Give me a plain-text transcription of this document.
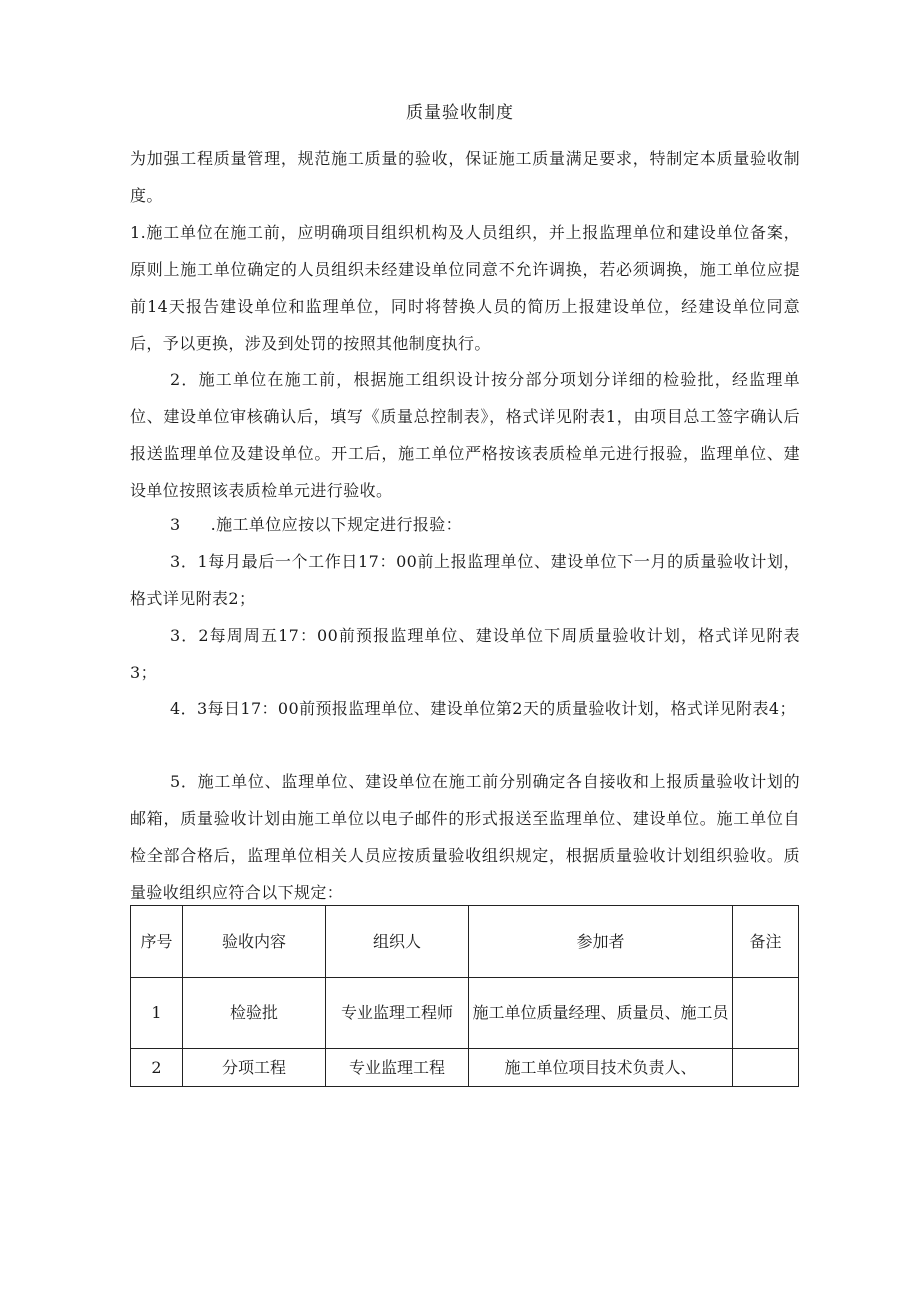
质量验收制度
为加强工程质量管理，规范施工质量的验收，保证施工质量满足要求，特制定本质量验收制度。
1.施工单位在施工前，应明确项目组织机构及人员组织，并上报监理单位和建设单位备案，原则上施工单位确定的人员组织未经建设单位同意不允许调换，若必须调换，施工单位应提前14天报告建设单位和监理单位，同时将替换人员的简历上报建设单位，经建设单位同意后，予以更换，涉及到处罚的按照其他制度执行。
2．施工单位在施工前，根据施工组织设计按分部分项划分详细的检验批，经监理单位、建设单位审核确认后，填写《质量总控制表》，格式详见附表1，由项目总工签字确认后报送监理单位及建设单位。开工后，施工单位严格按该表质检单元进行报验，监理单位、建设单位按照该表质检单元进行验收。
3 .施工单位应按以下规定进行报验：
3．1每月最后一个工作日17：00前上报监理单位、建设单位下一月的质量验收计划，格式详见附表2；
3．2每周周五17：00前预报监理单位、建设单位下周质量验收计划，格式详见附表3；
4．3每日17：00前预报监理单位、建设单位第2天的质量验收计划，格式详见附表4；
5．施工单位、监理单位、建设单位在施工前分别确定各自接收和上报质量验收计划的邮箱，质量验收计划由施工单位以电子邮件的形式报送至监理单位、建设单位。施工单位自检全部合格后，监理单位相关人员应按质量验收组织规定，根据质量验收计划组织验收。质量验收组织应符合以下规定：
序号	验收内容	组织人	参加者	备注
1	检验批	专业监理工程师	施工单位质量经理、质量员、施工员	
2	分项工程	专业监理工程	施工单位项目技术负责人、	
